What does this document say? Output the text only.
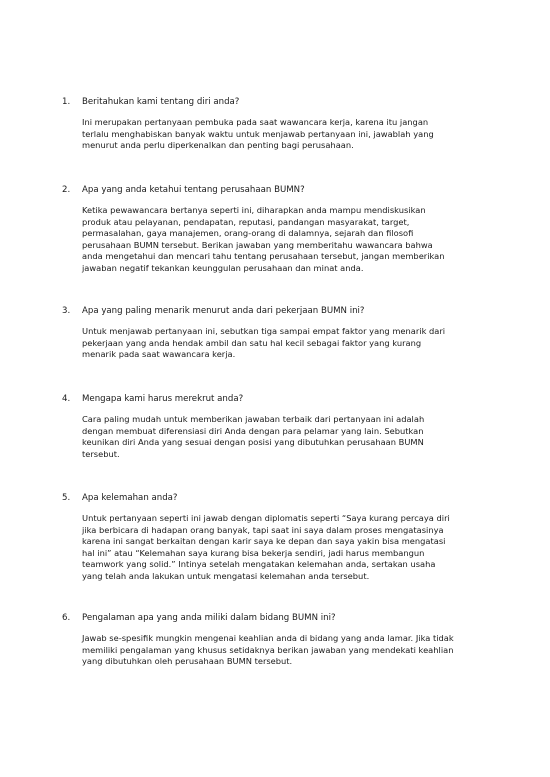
1.	Beritahukan kami tentang diri anda?
Ini merupakan pertanyaan pembuka pada saat wawancara kerja, karena itu jangan
terlalu menghabiskan banyak waktu untuk menjawab pertanyaan ini, jawablah yang
menurut anda perlu diperkenalkan dan penting bagi perusahaan.
2.	Apa yang anda ketahui tentang perusahaan BUMN?
Ketika pewawancara bertanya seperti ini, diharapkan anda mampu mendiskusikan
produk atau pelayanan, pendapatan, reputasi, pandangan masyarakat, target,
permasalahan, gaya manajemen, orang-orang di dalamnya, sejarah dan filosofi
perusahaan BUMN tersebut. Berikan jawaban yang memberitahu wawancara bahwa
anda mengetahui dan mencari tahu tentang perusahaan tersebut, jangan memberikan
jawaban negatif tekankan keunggulan perusahaan dan minat anda.
3.	Apa yang paling menarik menurut anda dari pekerjaan BUMN ini?
Untuk menjawab pertanyaan ini, sebutkan tiga sampai empat faktor yang menarik dari
pekerjaan yang anda hendak ambil dan satu hal kecil sebagai faktor yang kurang
menarik pada saat wawancara kerja.
4.	Mengapa kami harus merekrut anda?
Cara paling mudah untuk memberikan jawaban terbaik dari pertanyaan ini adalah
dengan membuat diferensiasi diri Anda dengan para pelamar yang lain. Sebutkan
keunikan diri Anda yang sesuai dengan posisi yang dibutuhkan perusahaan BUMN
tersebut.
5.	Apa kelemahan anda?
Untuk pertanyaan seperti ini jawab dengan diplomatis seperti “Saya kurang percaya diri
jika berbicara di hadapan orang banyak, tapi saat ini saya dalam proses mengatasinya
karena ini sangat berkaitan dengan karir saya ke depan dan saya yakin bisa mengatasi
hal ini” atau “Kelemahan saya kurang bisa bekerja sendiri, jadi harus membangun
teamwork yang solid.” Intinya setelah mengatakan kelemahan anda, sertakan usaha
yang telah anda lakukan untuk mengatasi kelemahan anda tersebut.
6.	Pengalaman apa yang anda miliki dalam bidang BUMN ini?
Jawab se-spesifik mungkin mengenai keahlian anda di bidang yang anda lamar. Jika tidak
memiliki pengalaman yang khusus setidaknya berikan jawaban yang mendekati keahlian
yang dibutuhkan oleh perusahaan BUMN tersebut.
